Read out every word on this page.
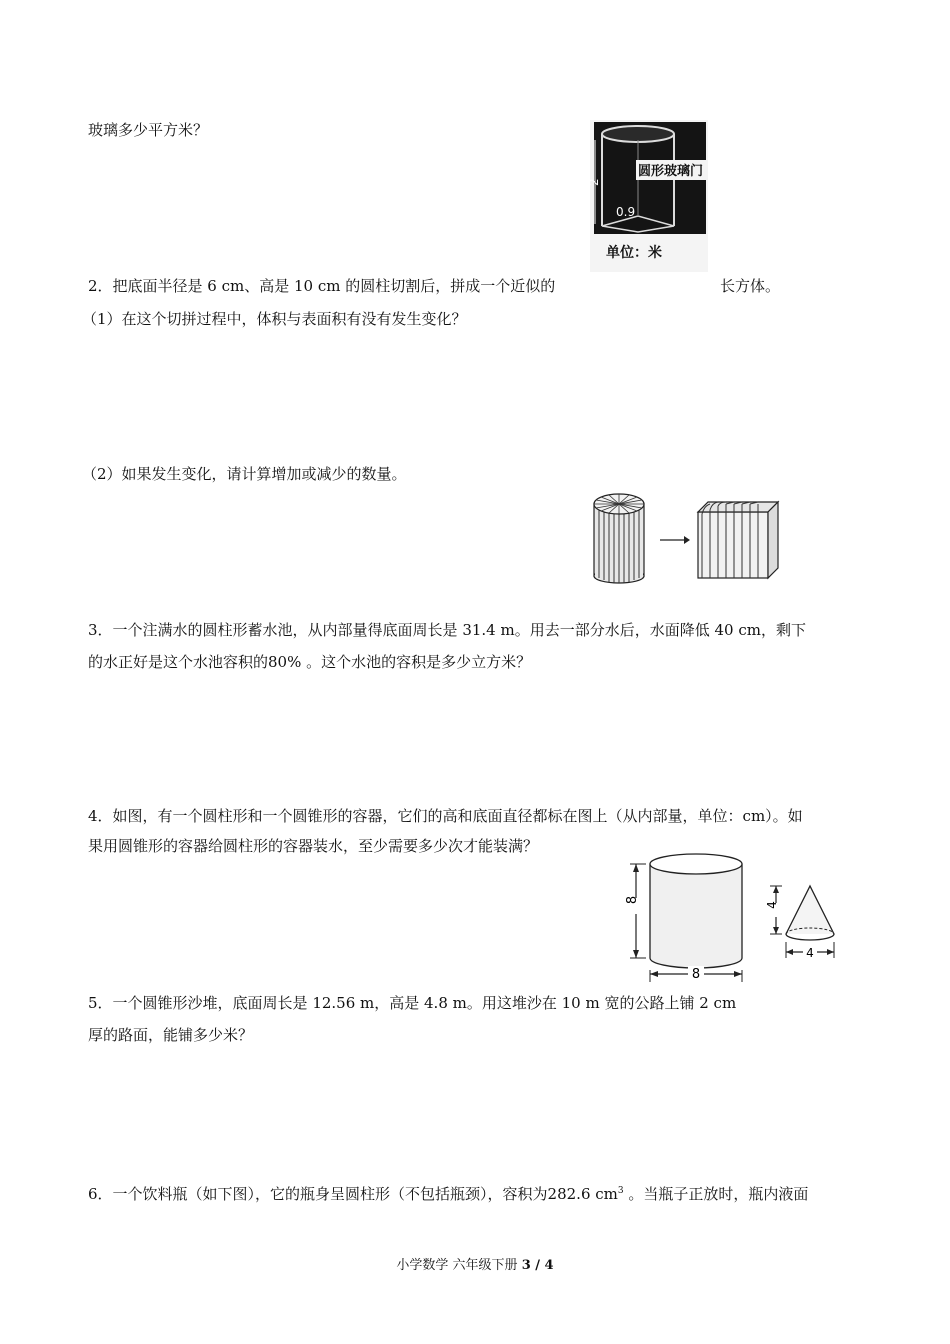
玻璃多少平方米？
2
0.9
圆形玻璃门
单位：米
2．把底面半径是 6 cm、高是 10 cm 的圆柱切割后，拼成一个近似的	长方体。
（1）在这个切拼过程中，体积与表面积有没有发生变化？
（2）如果发生变化，请计算增加或减少的数量。
3．一个注满水的圆柱形蓄水池，从内部量得底面周长是 31.4 m。用去一部分水后，水面降低 40 cm，剩下
的水正好是这个水池容积的80% 。这个水池的容积是多少立方米？
4．如图，有一个圆柱形和一个圆锥形的容器，它们的高和底面直径都标在图上（从内部量，单位：cm）。如
果用圆锥形的容器给圆柱形的容器装水，至少需要多少次才能装满？
8
8
4
4
5．一个圆锥形沙堆，底面周长是 12.56 m，高是 4.8 m。用这堆沙在 10 m 宽的公路上铺 2 cm
厚的路面，能铺多少米？
6．一个饮料瓶（如下图），它的瓶身呈圆柱形（不包括瓶颈），容积为282.6 $cm^3$ 。当瓶子正放时，瓶内液面
小学数学 六年级下册 3 / 4
